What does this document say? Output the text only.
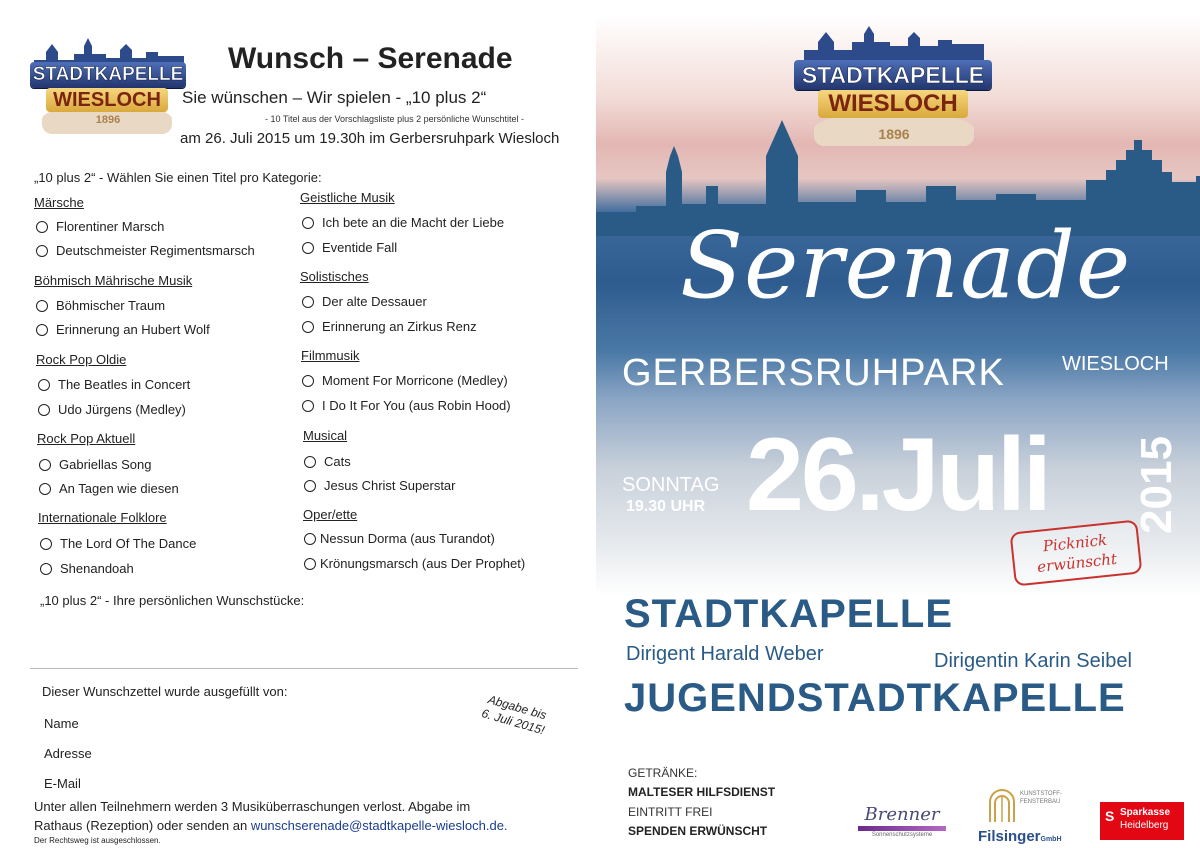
STADTKAPELLE
WIESLOCH
1896
Wunsch – Serenade
Sie wünschen – Wir spielen - „10 plus 2“
- 10 Titel aus der Vorschlagsliste plus 2 persönliche Wunschtitel -
am 26. Juli 2015 um 19.30h im Gerbersruhpark Wiesloch
„10 plus 2“ - Wählen Sie einen Titel pro Kategorie:
Märsche
Florentiner Marsch
Deutschmeister Regimentsmarsch
Böhmisch Mährische Musik
Böhmischer Traum
Erinnerung an Hubert Wolf
Rock Pop Oldie
The Beatles in Concert
Udo Jürgens (Medley)
Rock Pop Aktuell
Gabriellas Song
An Tagen wie diesen
Internationale Folklore
The Lord Of The Dance
Shenandoah
Geistliche Musik
Ich bete an die Macht der Liebe
Eventide Fall
Solistisches
Der alte Dessauer
Erinnerung an Zirkus Renz
Filmmusik
Moment For Morricone (Medley)
I Do It For You (aus Robin Hood)
Musical
Cats
Jesus Christ Superstar
Oper/ette
Nessun Dorma (aus Turandot)
Krönungsmarsch (aus Der Prophet)
„10 plus 2“ - Ihre persönlichen Wunschstücke:
Dieser Wunschzettel wurde ausgefüllt von:
Name
Adresse
E-Mail
Abgabe bis
6. Juli 2015!
Unter allen Teilnehmern werden 3 Musiküberraschungen verlost. Abgabe im
Rathaus (Rezeption) oder senden an wunschserenade@stadtkapelle-wiesloch.de.
Der Rechtsweg ist ausgeschlossen.
STADTKAPELLE
WIESLOCH
1896
Serenade
GERBERSRUHPARK	WIESLOCH
SONNTAG
19.30 UHR 26.Juli 2015
Picknick
erwünscht
STADTKAPELLE
Dirigent Harald Weber	Dirigentin Karin Seibel
JUGENDSTADTKAPELLE
GETRÄNKE:
MALTESER HILFSDIENST
EINTRITT FREI
SPENDEN ERWÜNSCHT
Brenner
Sonnenschutzsysteme
KUNSTSTOFF-
FENSTERBAU
FilsingerGmbH
S Sparkasse
Heidelberg
